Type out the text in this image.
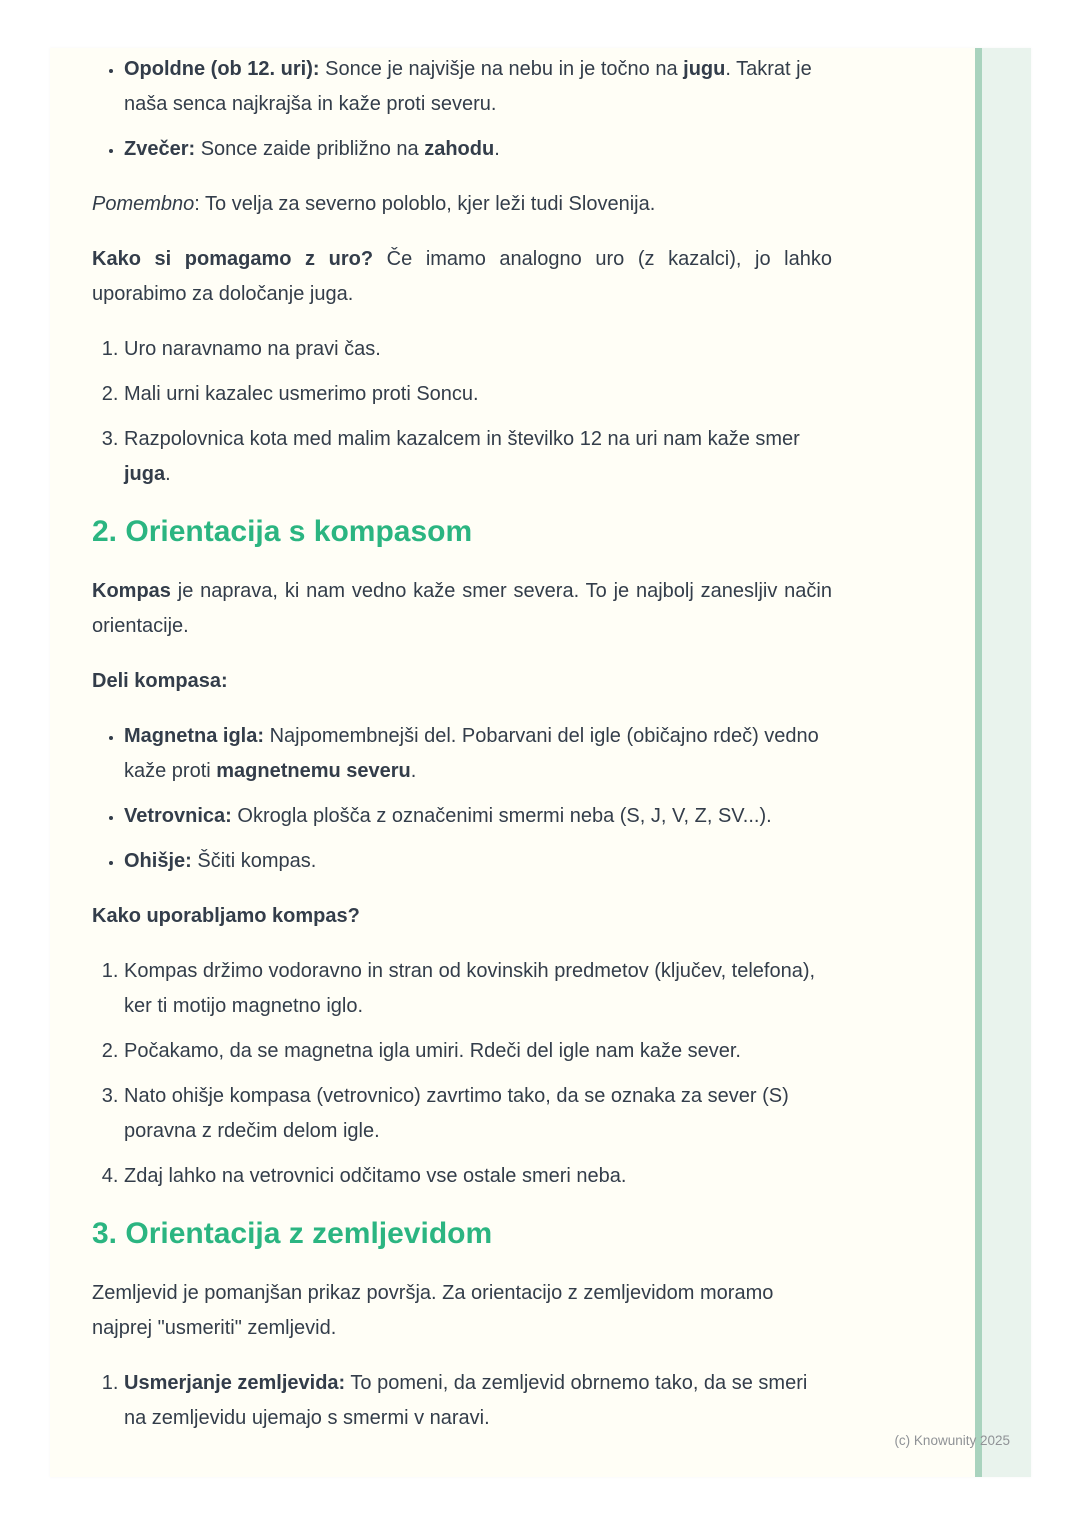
• Opoldne (ob 12. uri): Sonce je najvišje na nebu in je točno na jugu. Takrat je naša senca najkrajša in kaže proti severu.
• Zvečer: Sonce zaide približno na zahodu.

Pomembno: To velja za severno poloblo, kjer leži tudi Slovenija.

Kako si pomagamo z uro? Če imamo analogno uro (z kazalci), jo lahko uporabimo za določanje juga.

1. Uro naravnamo na pravi čas.
2. Mali urni kazalec usmerimo proti Soncu.
3. Razpolovnica kota med malim kazalcem in številko 12 na uri nam kaže smer juga.
2. Orientacija s kompasom

Kompas je naprava, ki nam vedno kaže smer severa. To je najbolj zanesljiv način orientacije.

Deli kompasa:

• Magnetna igla: Najpomembnejši del. Pobarvani del igle (običajno rdeč) vedno kaže proti magnetnemu severu.
• Vetrovnica: Okrogla plošča z označenimi smermi neba (S, J, V, Z, SV...).
• Ohišje: Ščiti kompas.

Kako uporabljamo kompas?

1. Kompas držimo vodoravno in stran od kovinskih predmetov (ključev, telefona), ker ti motijo magnetno iglo.
2. Počakamo, da se magnetna igla umiri. Rdeči del igle nam kaže sever.
3. Nato ohišje kompasa (vetrovnico) zavrtimo tako, da se oznaka za sever (S) poravna z rdečim delom igle.
4. Zdaj lahko na vetrovnici odčitamo vse ostale smeri neba.
3. Orientacija z zemljevidom

Zemljevid je pomanjšan prikaz površja. Za orientacijo z zemljevidom moramo najprej "usmeriti" zemljevid.

1. Usmerjanje zemljevida: To pomeni, da zemljevid obrnemo tako, da se smeri na zemljevidu ujemajo s smermi v naravi.
(c) Knowunity 2025
